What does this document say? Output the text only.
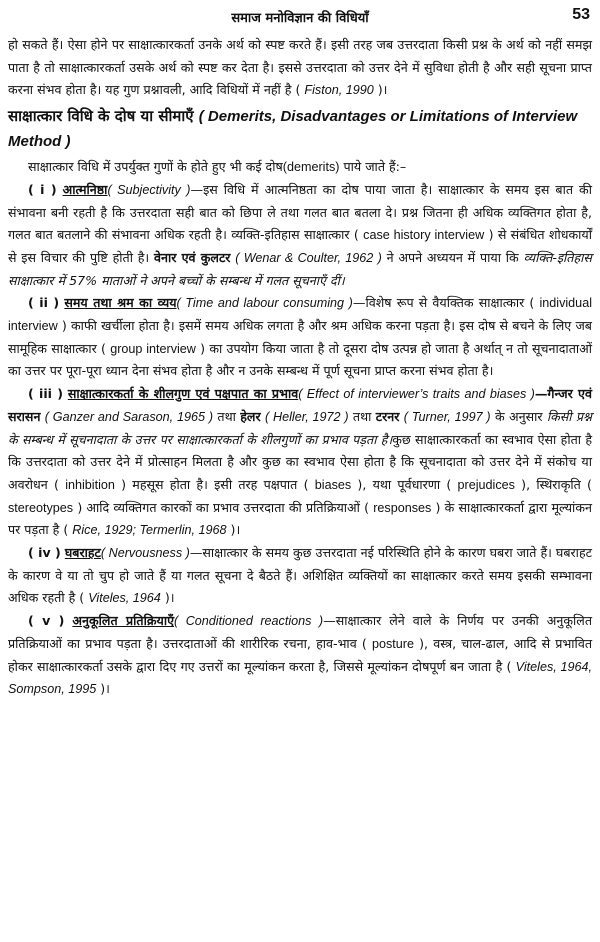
समाज मनोविज्ञान की विधियाँ	53

हो सकते हैं। ऐसा होने पर साक्षात्कारकर्ता उनके अर्थ को स्पष्ट करते हैं। इसी तरह जब उत्तरदाता किसी प्रश्न के अर्थ को नहीं समझ पाता है तो साक्षात्कारकर्ता उसके अर्थ को स्पष्ट कर देता है। इससे उत्तरदाता को उत्तर देने में सुविधा होती है और सही सूचना प्राप्त करना संभव होता है। यह गुण प्रश्नावली, आदि विधियों में नहीं है ( Fiston, 1990 )।

साक्षात्कार विधि के दोष या सीमाएँ ( Demerits, Disadvantages or Limitations of Interview Method )

साक्षात्कार विधि में उपर्युक्त गुणों के होते हुए भी कई दोष(demerits) पाये जाते हैं:–

( i ) आत्मनिष्ठा( Subjectivity )—इस विधि में आत्मनिष्ठता का दोष पाया जाता है। साक्षात्कार के समय इस बात की संभावना बनी रहती है कि उत्तरदाता सही बात को छिपा ले तथा गलत बात बतला दे। प्रश्न जितना ही अधिक व्यक्तिगत होता है, गलत बात बतलाने की संभावना अधिक रहती है। व्यक्ति-इतिहास साक्षात्कार ( case history interview ) से संबंधित शोधकार्यों से इस विचार की पुष्टि होती है। वेनार एवं कुलटर ( Wenar & Coulter, 1962 ) ने अपने अध्ययन में पाया कि व्यक्ति-इतिहास साक्षात्कार में 57% माताओं ने अपने बच्चों के सम्बन्ध में गलत सूचनाएँ दीं।

( ii ) समय तथा श्रम का व्यय( Time and labour consuming )—विशेष रूप से वैयक्तिक साक्षात्कार ( individual interview ) काफी खर्चीला होता है। इसमें समय अधिक लगता है और श्रम अधिक करना पड़ता है। इस दोष से बचने के लिए जब सामूहिक साक्षात्कार ( group interview ) का उपयोग किया जाता है तो दूसरा दोष उत्पन्न हो जाता है अर्थात् न तो सूचनादाताओं का उत्तर पर पूरा-पूरा ध्यान देना संभव होता है और न उनके सम्बन्ध में पूर्ण सूचना प्राप्त करना संभव होता है।

( iii ) साक्षात्कारकर्ता के शीलगुण एवं पक्षपात का प्रभाव( Effect of interviewer’s traits and biases )—गैन्जर एवं सरासन ( Ganzer and Sarason, 1965 ) तथा हेलर ( Heller, 1972 ) तथा टरनर ( Turner, 1997 ) के अनुसार किसी प्रश्न के सम्बन्ध में सूचनादाता के उत्तर पर साक्षात्कारकर्ता के शीलगुणों का प्रभाव पड़ता है।कुछ साक्षात्कारकर्ता का स्वभाव ऐसा होता है कि उत्तरदाता को उत्तर देने में प्रोत्साहन मिलता है और कुछ का स्वभाव ऐसा होता है कि सूचनादाता को उत्तर देने में संकोच या अवरोधन ( inhibition ) महसूस होता है। इसी तरह पक्षपात ( biases ), यथा पूर्वधारणा ( prejudices ), स्थिराकृति ( stereotypes ) आदि व्यक्तिगत कारकों का प्रभाव उत्तरदाता की प्रतिक्रियाओं ( responses ) के साक्षात्कारकर्ता द्वारा मूल्यांकन पर पड़ता है ( Rice, 1929; Termerlin, 1968 )।

( iv ) घबराहट( Nervousness )—साक्षात्कार के समय कुछ उत्तरदाता नई परिस्थिति होने के कारण घबरा जाते हैं। घबराहट के कारण वे या तो चुप हो जाते हैं या गलत सूचना दे बैठते हैं। अशिक्षित व्यक्तियों का साक्षात्कार करते समय इसकी सम्भावना अधिक रहती है ( Viteles, 1964 )।

( v ) अनुकूलित प्रतिक्रियाएँ( Conditioned reactions )—साक्षात्कार लेने वाले के निर्णय पर उनकी अनुकूलित प्रतिक्रियाओं का प्रभाव पड़ता है। उत्तरदाताओं की शारीरिक रचना, हाव-भाव ( posture ), वस्त्र, चाल-ढाल, आदि से प्रभावित होकर साक्षात्कारकर्ता उसके द्वारा दिए गए उत्तरों का मूल्यांकन करता है, जिससे मूल्यांकन दोषपूर्ण बन जाता है ( Viteles, 1964, Sompson, 1995 )।
